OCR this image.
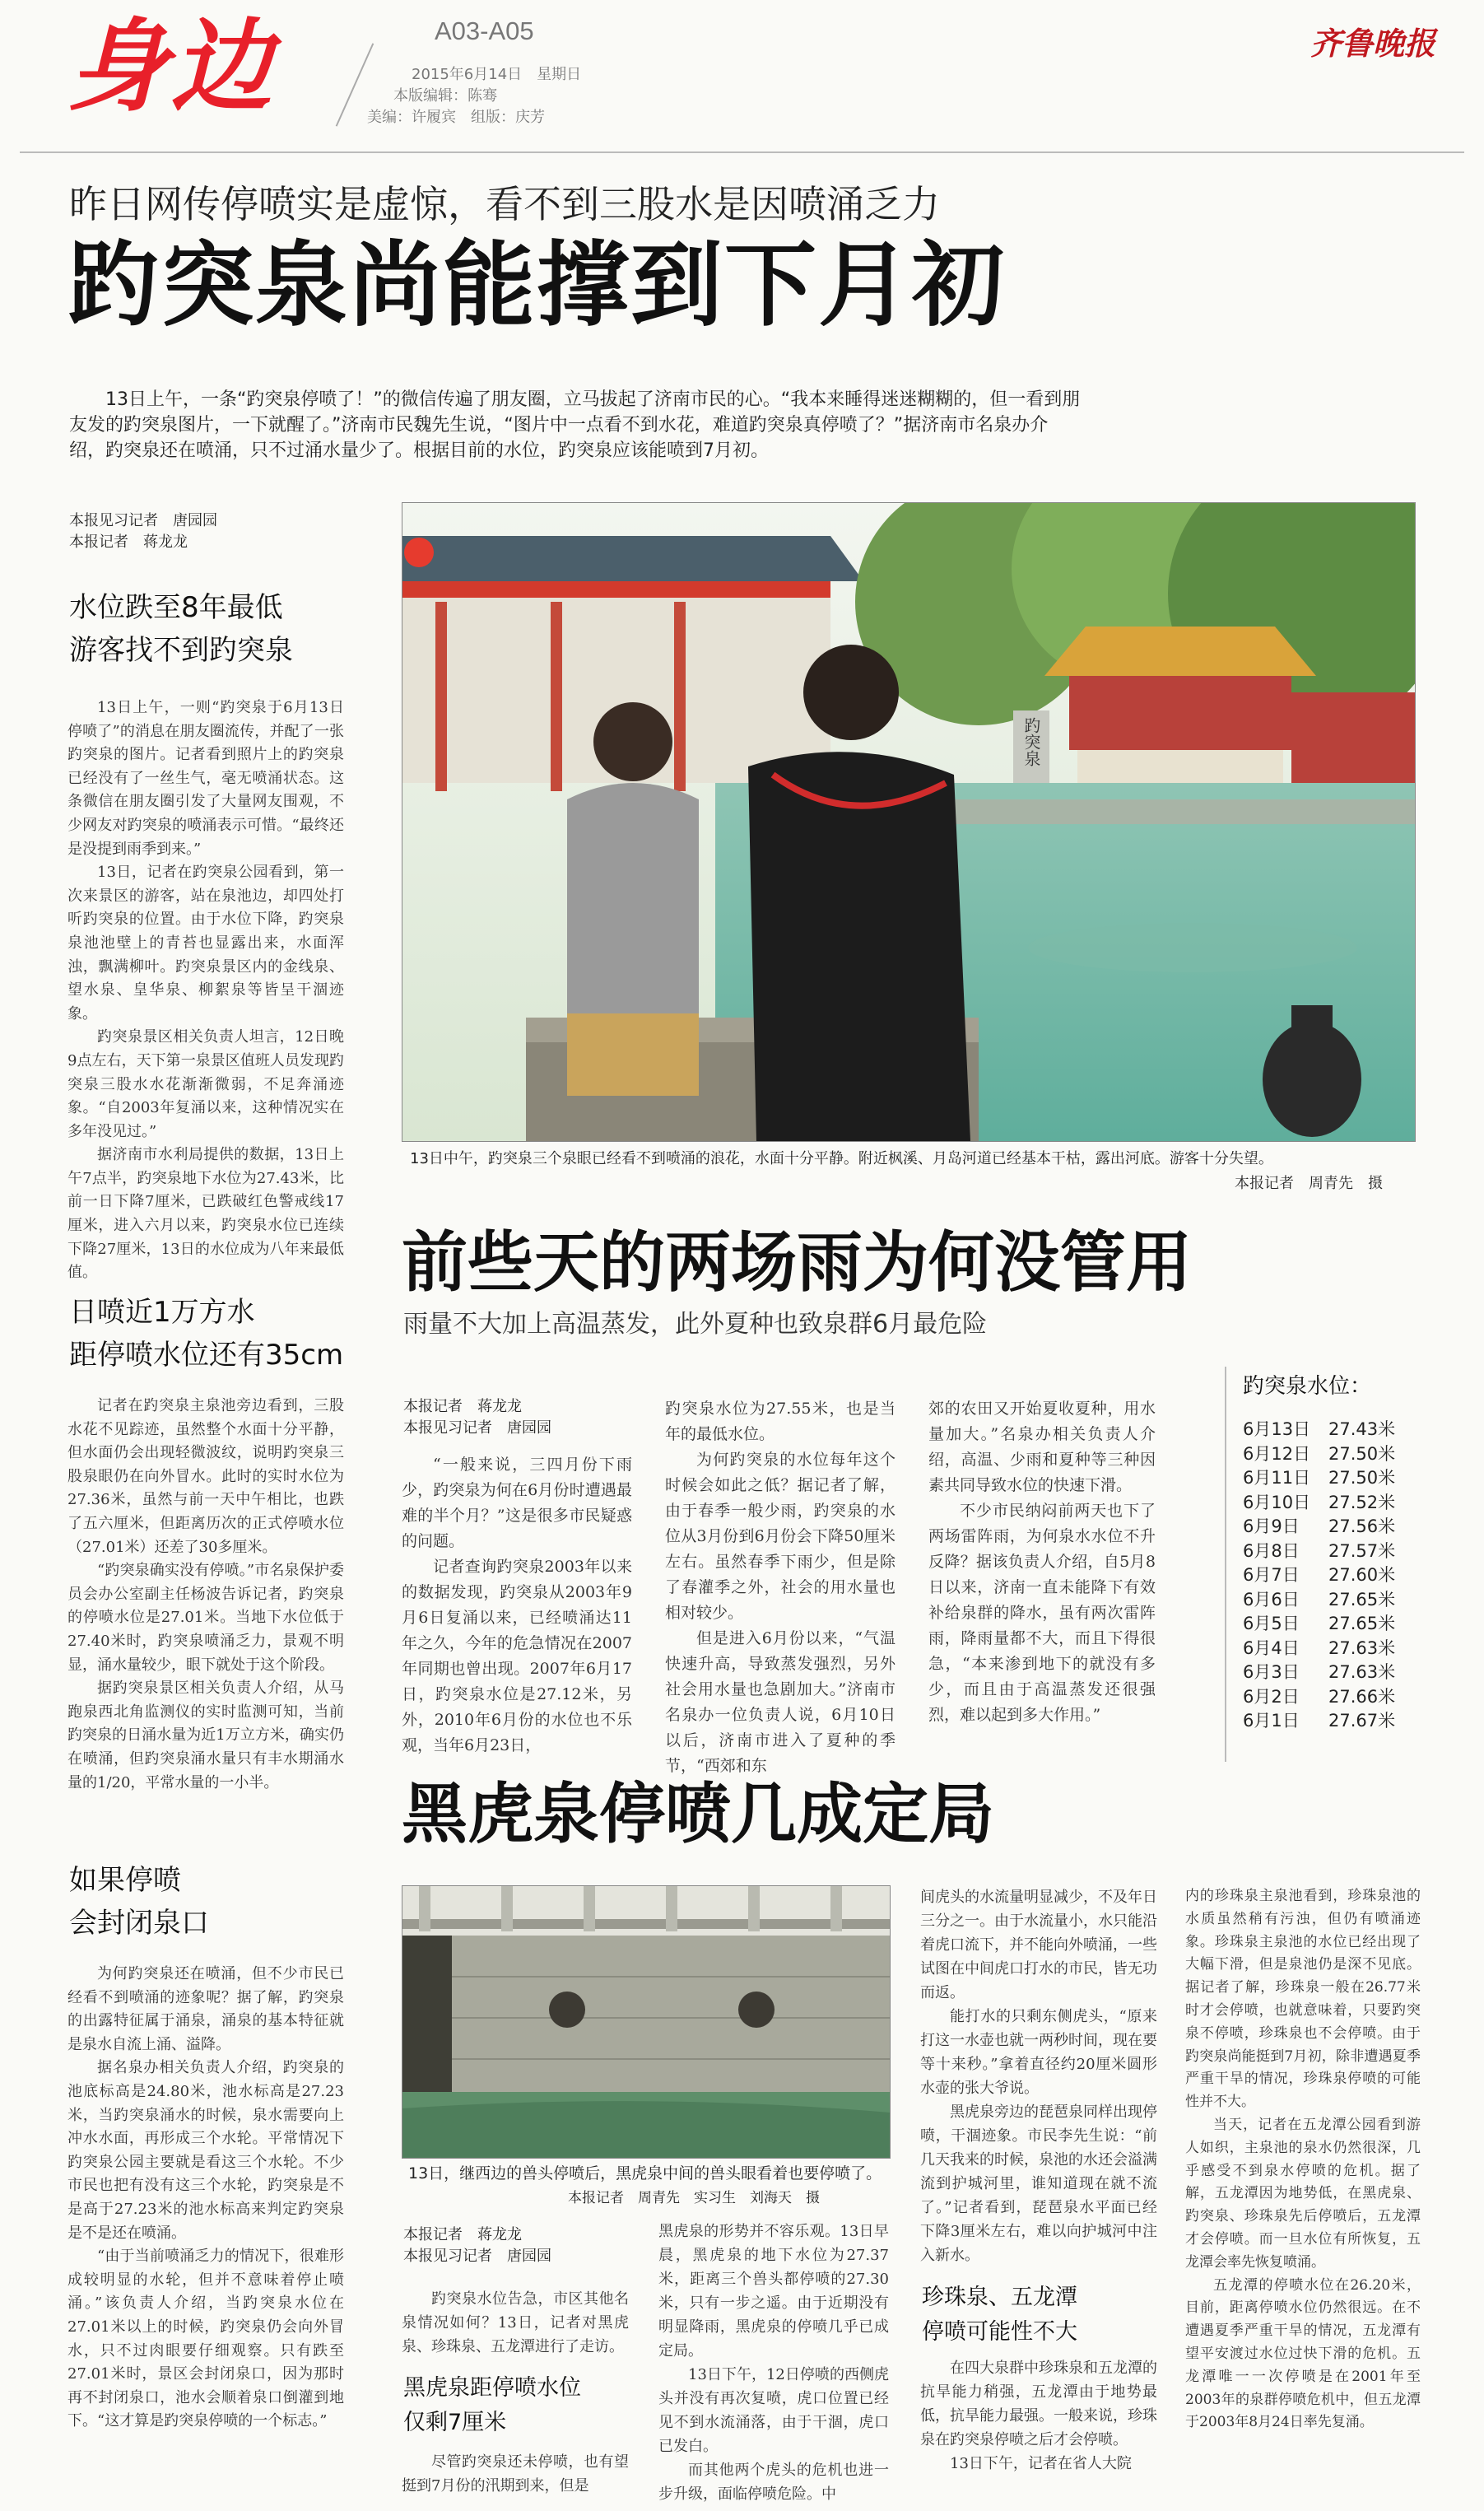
身边	A03-A05
2015年6月14日　星期日
本版编辑：陈骞
美编：许履宾　组版：庆芳
齐鲁晚报
昨日网传停喷实是虚惊，看不到三股水是因喷涌乏力
趵突泉尚能撑到下月初
13日上午，一条“趵突泉停喷了！”的微信传遍了朋友圈，立马拔起了济南市民的心。“我本来睡得迷迷糊糊的，但一看到朋友发的趵突泉图片，一下就醒了。”济南市民魏先生说，“图片中一点看不到水花，难道趵突泉真停喷了？”据济南市名泉办介绍，趵突泉还在喷涌，只不过涌水量少了。根据目前的水位，趵突泉应该能喷到7月初。
本报见习记者　唐园园
本报记者　蒋龙龙
水位跌至8年最低
游客找不到趵突泉

13日上午，一则“趵突泉于6月13日停喷了”的消息在朋友圈流传，并配了一张趵突泉的图片。记者看到照片上的趵突泉已经没有了一丝生气，毫无喷涌状态。这条微信在朋友圈引发了大量网友围观，不少网友对趵突泉的喷涌表示可惜。“最终还是没提到雨季到来。”

13日，记者在趵突泉公园看到，第一次来景区的游客，站在泉池边，却四处打听趵突泉的位置。由于水位下降，趵突泉泉池池壁上的青苔也显露出来，水面浑浊，飘满柳叶。趵突泉景区内的金线泉、望水泉、皇华泉、柳絮泉等皆呈干涸迹象。

趵突泉景区相关负责人坦言，12日晚9点左右，天下第一泉景区值班人员发现趵突泉三股水水花渐渐微弱，不足奔涌迹象。“自2003年复涌以来，这种情况实在多年没见过。”

据济南市水利局提供的数据，13日上午7点半，趵突泉地下水位为27.43米，比前一日下降7厘米，已跌破红色警戒线17厘米，进入六月以来，趵突泉水位已连续下降27厘米，13日的水位成为八年来最低值。

日喷近1万方水
距停喷水位还有35cm

记者在趵突泉主泉池旁边看到，三股水花不见踪迹，虽然整个水面十分平静，但水面仍会出现轻微波纹，说明趵突泉三股泉眼仍在向外冒水。此时的实时水位为27.36米，虽然与前一天中午相比，也跌了五六厘米，但距离历次的正式停喷水位（27.01米）还差了30多厘米。

“趵突泉确实没有停喷。”市名泉保护委员会办公室副主任杨波告诉记者，趵突泉的停喷水位是27.01米。当地下水位低于27.40米时，趵突泉喷涌乏力，景观不明显，涌水量较少，眼下就处于这个阶段。

据趵突泉景区相关负责人介绍，从马跑泉西北角监测仪的实时监测可知，当前趵突泉的日涌水量为近1万立方米，确实仍在喷涌，但趵突泉涌水量只有丰水期涌水量的1/20，平常水量的一小半。

如果停喷
会封闭泉口

为何趵突泉还在喷涌，但不少市民已经看不到喷涌的迹象呢？据了解，趵突泉的出露特征属于涌泉，涌泉的基本特征就是泉水自流上涌、溢降。

据名泉办相关负责人介绍，趵突泉的池底标高是24.80米，池水标高是27.23米，当趵突泉涌水的时候，泉水需要向上冲水水面，再形成三个水轮。平常情况下趵突泉公园主要就是看这三个水轮。不少市民也把有没有这三个水轮，趵突泉是不是高于27.23米的池水标高来判定趵突泉是不是还在喷涌。

“由于当前喷涌乏力的情况下，很难形成较明显的水轮，但并不意味着停止喷涌。”该负责人介绍，当趵突泉水位在27.01米以上的时候，趵突泉仍会向外冒水，只不过肉眼要仔细观察。只有跌至27.01米时，景区会封闭泉口，因为那时再不封闭泉口，池水会顺着泉口倒灌到地下。“这才算是趵突泉停喷的一个标志。”

趵突泉
13日中午，趵突泉三个泉眼已经看不到喷涌的浪花，水面十分平静。附近枫溪、月岛河道已经基本干枯，露出河底。游客十分失望。
本报记者　周青先　摄
前些天的两场雨为何没管用
雨量不大加上高温蒸发，此外夏种也致泉群6月最危险
本报记者　蒋龙龙
本报见习记者　唐园园

“一般来说，三四月份下雨少，趵突泉为何在6月份时遭遇最难的半个月？”这是很多市民疑惑的问题。

记者查询趵突泉2003年以来的数据发现，趵突泉从2003年9月6日复涌以来，已经喷涌达11年之久，今年的危急情况在2007年同期也曾出现。2007年6月17日，趵突泉水位是27.12米，另外，2010年6月份的水位也不乐观，当年6月23日，

趵突泉水位为27.55米，也是当年的最低水位。

为何趵突泉的水位每年这个时候会如此之低？据记者了解，由于春季一般少雨，趵突泉的水位从3月份到6月份会下降50厘米左右。虽然春季下雨少，但是除了春灌季之外，社会的用水量也相对较少。

但是进入6月份以来，“气温快速升高，导致蒸发强烈，另外社会用水量也急剧加大。”济南市名泉办一位负责人说，6月10日以后，济南市进入了夏种的季节，“西郊和东

郊的农田又开始夏收夏种，用水量加大。”名泉办相关负责人介绍，高温、少雨和夏种等三种因素共同导致水位的快速下滑。

不少市民纳闷前两天也下了两场雷阵雨，为何泉水水位不升反降？据该负责人介绍，自5月8日以来，济南一直未能降下有效补给泉群的降水，虽有两次雷阵雨，降雨量都不大，而且下得很急，“本来渗到地下的就没有多少，而且由于高温蒸发还很强烈，难以起到多大作用。”

趵突泉水位：
6月13日	27.43米
6月12日	27.50米
6月11日	27.50米
6月10日	27.52米
6月9日	27.56米
6月8日	27.57米
6月7日	27.60米
6月6日	27.65米
6月5日	27.65米
6月4日	27.63米
6月3日	27.63米
6月2日	27.66米
6月1日	27.67米
黑虎泉停喷几成定局
13日，继西边的兽头停喷后，黑虎泉中间的兽头眼看着也要停喷了。
本报记者　周青先　实习生　刘海天　摄
本报记者　蒋龙龙
本报见习记者　唐园园

趵突泉水位告急，市区其他名泉情况如何？13日，记者对黑虎泉、珍珠泉、五龙潭进行了走访。

黑虎泉距停喷水位
仅剩7厘米

尽管趵突泉还未停喷，也有望挺到7月份的汛期到来，但是

黑虎泉的形势并不容乐观。13日早晨，黑虎泉的地下水位为27.37米，距离三个兽头都停喷的27.30米，只有一步之遥。由于近期没有明显降雨，黑虎泉的停喷几乎已成定局。

13日下午，12日停喷的西侧虎头并没有再次复喷，虎口位置已经见不到水流涌落，由于干涸，虎口已发白。

而其他两个虎头的危机也进一步升级，面临停喷危险。中

间虎头的水流量明显减少，不及年日三分之一。由于水流量小，水只能沿着虎口流下，并不能向外喷涌，一些试图在中间虎口打水的市民，皆无功而返。

能打水的只剩东侧虎头，“原来打这一水壶也就一两秒时间，现在要等十来秒。”拿着直径约20厘米圆形水壶的张大爷说。

黑虎泉旁边的琵琶泉同样出现停喷，干涸迹象。市民李先生说：“前几天我来的时候，泉池的水还会溢满流到护城河里，谁知道现在就不流了。”记者看到，琵琶泉水平面已经下降3厘米左右，难以向护城河中注入新水。

珍珠泉、五龙潭
停喷可能性不大

在四大泉群中珍珠泉和五龙潭的抗旱能力稍强，五龙潭由于地势最低，抗旱能力最强。一般来说，珍珠泉在趵突泉停喷之后才会停喷。

13日下午，记者在省人大院

内的珍珠泉主泉池看到，珍珠泉池的水质虽然稍有污浊，但仍有喷涌迹象。珍珠泉主泉池的水位已经出现了大幅下滑，但是泉池仍是深不见底。据记者了解，珍珠泉一般在26.77米时才会停喷，也就意味着，只要趵突泉不停喷，珍珠泉也不会停喷。由于趵突泉尚能挺到7月初，除非遭遇夏季严重干旱的情况，珍珠泉停喷的可能性并不大。

当天，记者在五龙潭公园看到游人如织，主泉池的泉水仍然很深，几乎感受不到泉水停喷的危机。据了解，五龙潭因为地势低，在黑虎泉、趵突泉、珍珠泉先后停喷后，五龙潭才会停喷。而一旦水位有所恢复，五龙潭会率先恢复喷涌。

五龙潭的停喷水位在26.20米，目前，距离停喷水位仍然很远。在不遭遇夏季严重干旱的情况，五龙潭有望平安渡过水位过快下滑的危机。五龙潭唯一一次停喷是在2001年至2003年的泉群停喷危机中，但五龙潭于2003年8月24日率先复涌。
